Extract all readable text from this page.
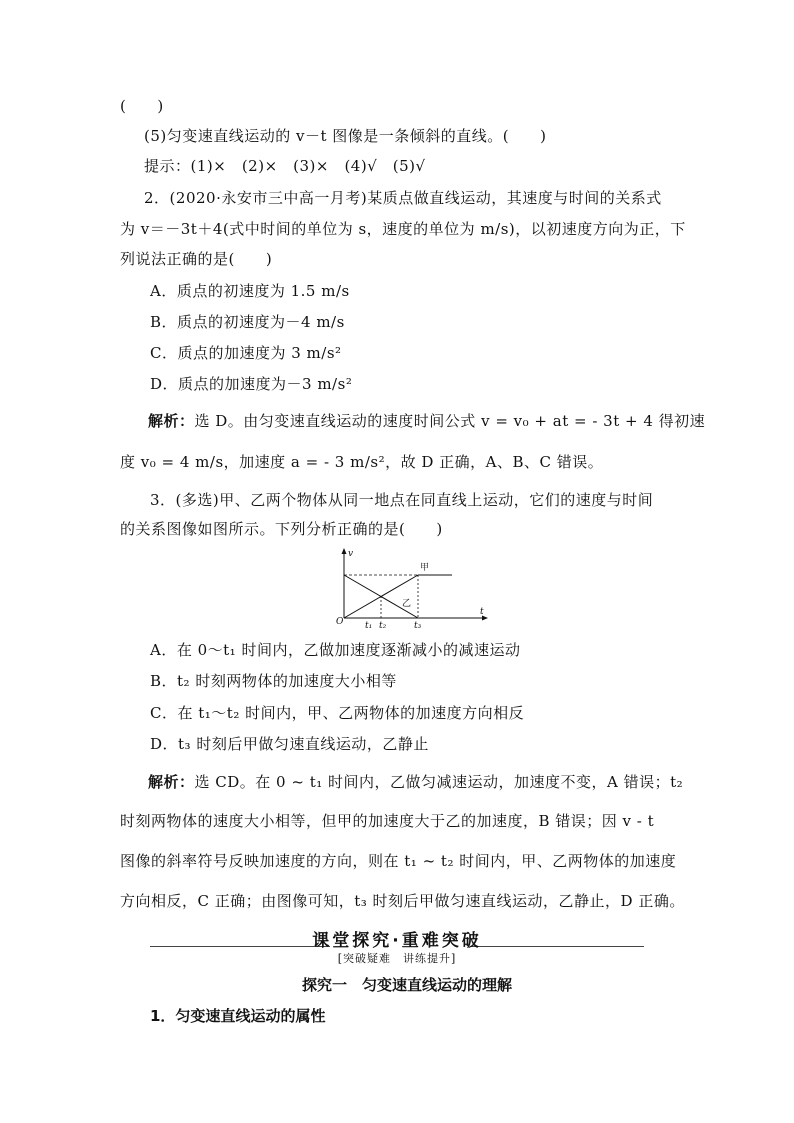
(　　)
(5)匀变速直线运动的 v－t 图像是一条倾斜的直线。(　　)
提示：(1)×　(2)×　(3)×　(4)√　(5)√
2．(2020·永安市三中高一月考)某质点做直线运动，其速度与时间的关系式
为 v＝－3t＋4(式中时间的单位为 s，速度的单位为 m/s)，以初速度方向为正，下
列说法正确的是(　　)
A．质点的初速度为 1.5 m/s
B．质点的初速度为－4 m/s
C．质点的加速度为 3 m/s²
D．质点的加速度为－3 m/s²
解析：选 D。由匀变速直线运动的速度时间公式 v = v₀ + at = - 3t + 4 得初速
度 v₀ = 4 m/s，加速度 a = - 3 m/s²，故 D 正确，A、B、C 错误。
3．(多选)甲、乙两个物体从同一地点在同直线上运动，它们的速度与时间
的关系图像如图所示。下列分析正确的是(　　)
v
t
O
甲
乙
t₁ t₂	t₃
A．在 0～t₁ 时间内，乙做加速度逐渐减小的减速运动
B．t₂ 时刻两物体的加速度大小相等
C．在 t₁～t₂ 时间内，甲、乙两物体的加速度方向相反
D．t₃ 时刻后甲做匀速直线运动，乙静止
解析：选 CD。在 0 ~ t₁ 时间内，乙做匀减速运动，加速度不变，A 错误；t₂
时刻两物体的速度大小相等，但甲的加速度大于乙的加速度，B 错误；因 v - t
图像的斜率符号反映加速度的方向，则在 t₁ ~ t₂ 时间内，甲、乙两物体的加速度
方向相反，C 正确；由图像可知，t₃ 时刻后甲做匀速直线运动，乙静止，D 正确。
课堂探究·重难突破
[突破疑难　讲练提升]
探究一　匀变速直线运动的理解
1．匀变速直线运动的属性
